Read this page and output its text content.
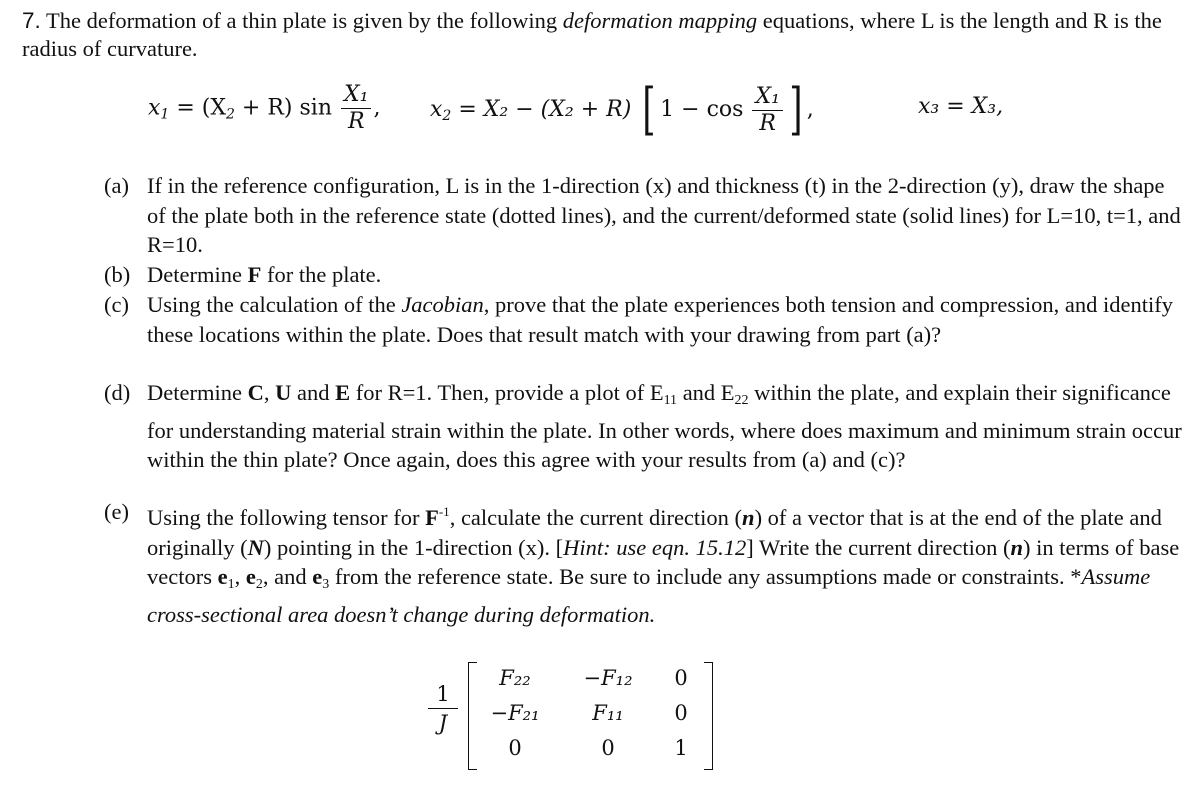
7. The deformation of a thin plate is given by the following deformation mapping equations, where L is the length and R is the radius of curvature.
$x_1 = (X_2 + R)$ $\sin \frac{\text{X₁}}{R}$ , $x_2 = X_2 - (X_2 + R)$ [ $1 - \cos \frac{\text{X₁}}{R}$ ] ,	x₃ = X₃,
(a) If in the reference configuration, L is in the 1-direction (x) and thickness (t) in the 2-direction (y), draw the shape of the plate both in the reference state (dotted lines), and the current/deformed state (solid lines) for L=10, t=1, and R=10.
(b) Determine F for the plate.
(c) Using the calculation of the Jacobian, prove that the plate experiences both tension and compression, and identify these locations within the plate. Does that result match with your drawing from part (a)?
(d) Determine C, U and E for R=1. Then, provide a plot of $E_{11}$ and $E_{22}$ within the plate, and explain their significance for understanding material strain within the plate. In other words, where does maximum and minimum strain occur within the thin plate? Once again, does this agree with your results from (a) and (c)?
(e) Using the following tensor for $F^{-1}$, calculate the current direction (n) of a vector that is at the end of the plate and originally (N) pointing in the 1-direction (x). [Hint: use eqn. 15.12] Write the current direction (n) in terms of base vectors $e_1$, $e_2$, and $e_3$ from the reference state. Be sure to include any assumptions made or constraints. *Assume cross-sectional area doesn’t change during deformation.
$\frac{1}{J}$
F₂₂	−F₁₂	0
−F₂₁	F₁₁	0
0	0	1
